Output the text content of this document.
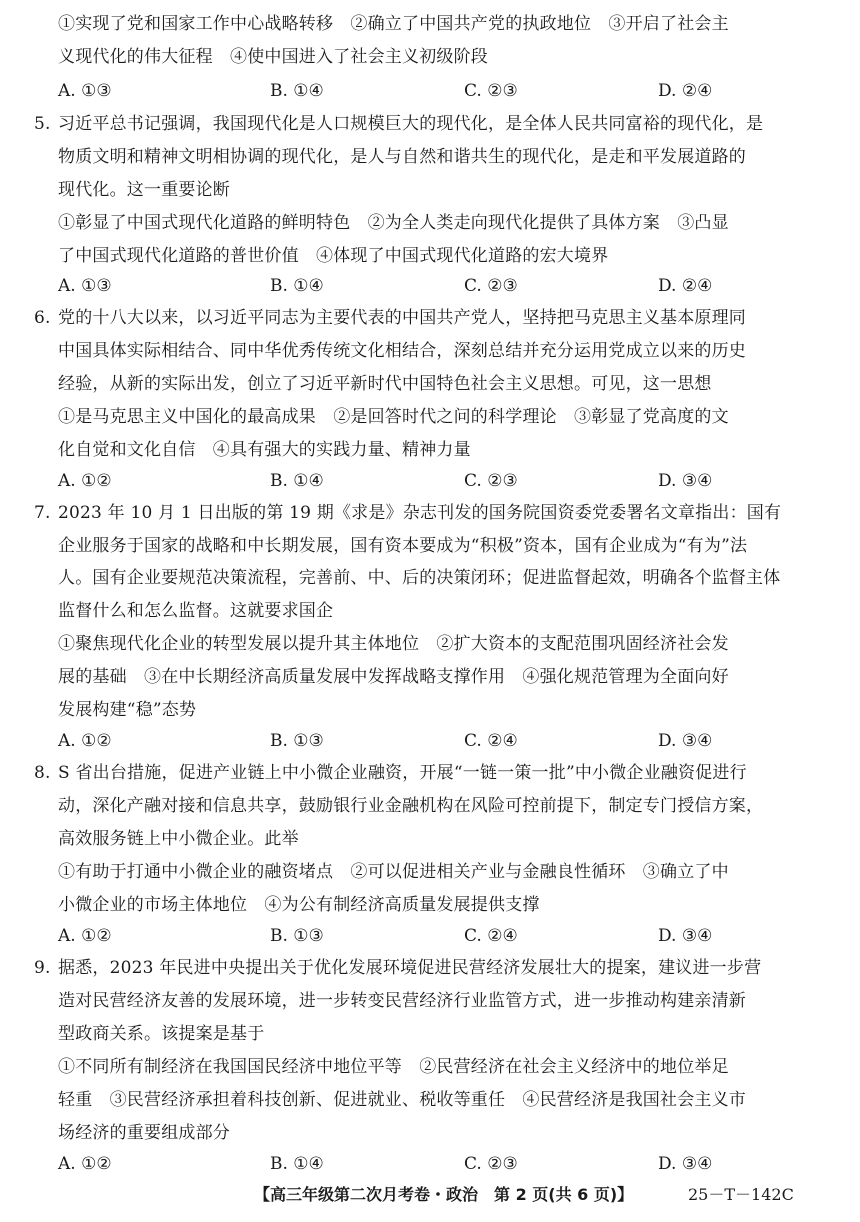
①实现了党和国家工作中心战略转移　②确立了中国共产党的执政地位　③开启了社会主
义现代化的伟大征程　④使中国进入了社会主义初级阶段
A. ①③	B. ①④	C. ②③	D. ②④
5. 习近平总书记强调，我国现代化是人口规模巨大的现代化，是全体人民共同富裕的现代化，是
物质文明和精神文明相协调的现代化，是人与自然和谐共生的现代化，是走和平发展道路的
现代化。这一重要论断
①彰显了中国式现代化道路的鲜明特色　②为全人类走向现代化提供了具体方案　③凸显
了中国式现代化道路的普世价值　④体现了中国式现代化道路的宏大境界
A. ①③	B. ①④	C. ②③	D. ②④
6. 党的十八大以来，以习近平同志为主要代表的中国共产党人，坚持把马克思主义基本原理同
中国具体实际相结合、同中华优秀传统文化相结合，深刻总结并充分运用党成立以来的历史
经验，从新的实际出发，创立了习近平新时代中国特色社会主义思想。可见，这一思想
①是马克思主义中国化的最高成果　②是回答时代之问的科学理论　③彰显了党高度的文
化自觉和文化自信　④具有强大的实践力量、精神力量
A. ①②	B. ①④	C. ②③	D. ③④
7. 2023 年 10 月 1 日出版的第 19 期《求是》杂志刊发的国务院国资委党委署名文章指出：国有
企业服务于国家的战略和中长期发展，国有资本要成为“积极”资本，国有企业成为“有为”法
人。国有企业要规范决策流程，完善前、中、后的决策闭环；促进监督起效，明确各个监督主体
监督什么和怎么监督。这就要求国企
①聚焦现代化企业的转型发展以提升其主体地位　②扩大资本的支配范围巩固经济社会发
展的基础　③在中长期经济高质量发展中发挥战略支撑作用　④强化规范管理为全面向好
发展构建“稳”态势
A. ①②	B. ①③	C. ②④	D. ③④
8. S 省出台措施，促进产业链上中小微企业融资，开展“一链一策一批”中小微企业融资促进行
动，深化产融对接和信息共享，鼓励银行业金融机构在风险可控前提下，制定专门授信方案，
高效服务链上中小微企业。此举
①有助于打通中小微企业的融资堵点　②可以促进相关产业与金融良性循环　③确立了中
小微企业的市场主体地位　④为公有制经济高质量发展提供支撑
A. ①②	B. ①③	C. ②④	D. ③④
9. 据悉，2023 年民进中央提出关于优化发展环境促进民营经济发展壮大的提案，建议进一步营
造对民营经济友善的发展环境，进一步转变民营经济行业监管方式，进一步推动构建亲清新
型政商关系。该提案是基于
①不同所有制经济在我国国民经济中地位平等　②民营经济在社会主义经济中的地位举足
轻重　③民营经济承担着科技创新、促进就业、税收等重任　④民营经济是我国社会主义市
场经济的重要组成部分
A. ①②	B. ①④	C. ②③	D. ③④
【高三年级第二次月考卷・政治　第 2 页(共 6 页)】	25－T－142C
